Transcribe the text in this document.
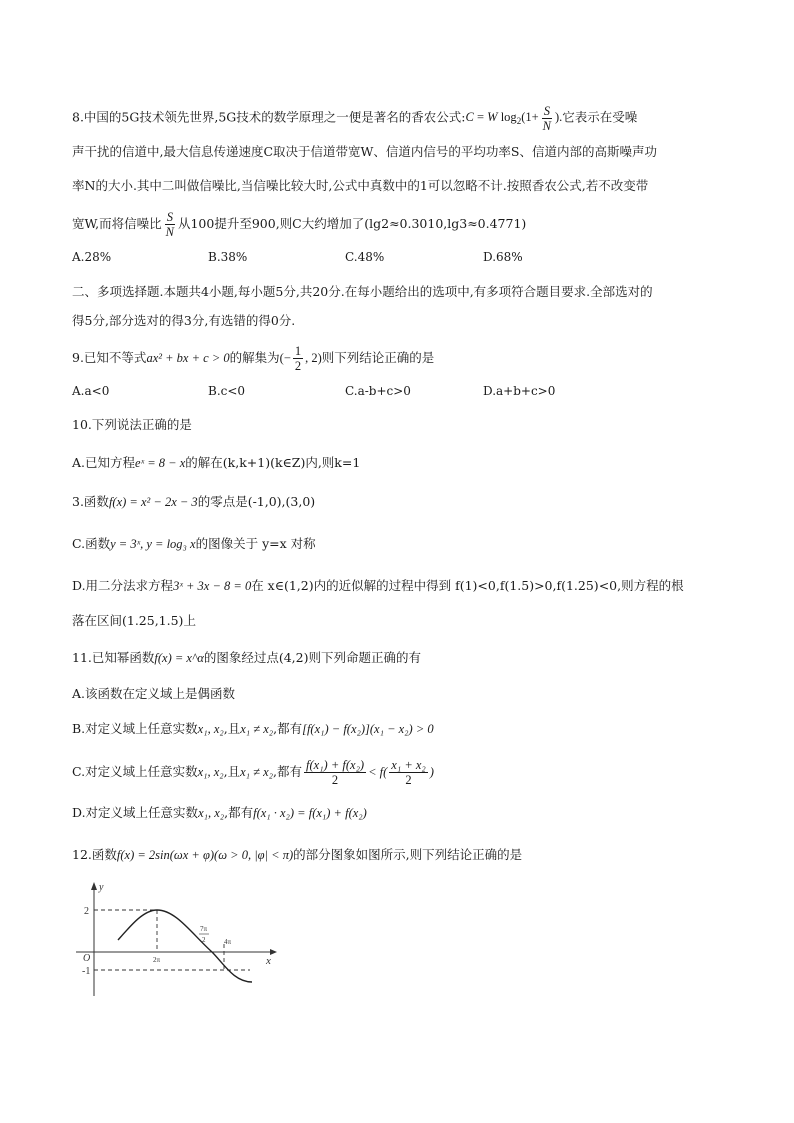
8.中国的5G技术领先世界,5G技术的数学原理之一便是著名的香农公式:C = W $\log_2(1+ \frac{S}{N}$ ).它表示在受噪
声干扰的信道中,最大信息传递速度C取决于信道带宽W、信道内信号的平均功率S、信道内部的高斯噪声功
率N的大小.其中二叫做信噪比,当信噪比较大时,公式中真数中的1可以忽略不计.按照香农公式,若不改变带
宽W,而将信噪比 $\frac{S}{N}$ 从100提升至900,则C大约增加了(lg2≈0.3010,lg3≈0.4771)
A.28%	B.38%	C.48%	D.68%
二、多项选择题.本题共4小题,每小题5分,共20分.在每小题给出的选项中,有多项符合题目要求.全部选对的
得5分,部分选对的得3分,有选错的得0分.
9.已知不等式ax² + bx + c > 0的解集为(− $\frac{1}{2}$ , 2)则下列结论正确的是
A.a<0	B.c<0	C.a-b+c>0	D.a+b+c>0
10.下列说法正确的是
A.已知方程eˣ = 8 − x的解在(k,k+1)(k∈Z)内,则k=1
3.函数f(x) = x² − 2x − 3的零点是(-1,0),(3,0)
C.函数y = 3ˣ, y = log₃ x的图像关于 y=x 对称
D.用二分法求方程3ˣ + 3x − 8 = 0在 x∈(1,2)内的近似解的过程中得到 f(1)<0,f(1.5)>0,f(1.25)<0,则方程的根
落在区间(1.25,1.5)上
11.已知幂函数f(x) = x^α的图象经过点(4,2)则下列命题正确的有
A.该函数在定义域上是偶函数
B.对定义域上任意实数x₁, x₂,且x₁ ≠ x₂,都有[f(x₁) − f(x₂)](x₁ − x₂) > 0
C.对定义域上任意实数x₁, x₂,且x₁ ≠ x₂,都有 $\frac{\text{f(x₁) + f(x₂)}}{2} < f( \frac{\text{x₁ + x₂}}{2}$ )
D.对定义域上任意实数x₁, x₂,都有f(x₁ · x₂) = f(x₁) + f(x₂)
12.函数f(x) = 2sin(ωx + φ)(ω > 0, |φ| < π)的部分图象如图所示,则下列结论正确的是
y
x
O
2
-1
2π
7π
2	4π
